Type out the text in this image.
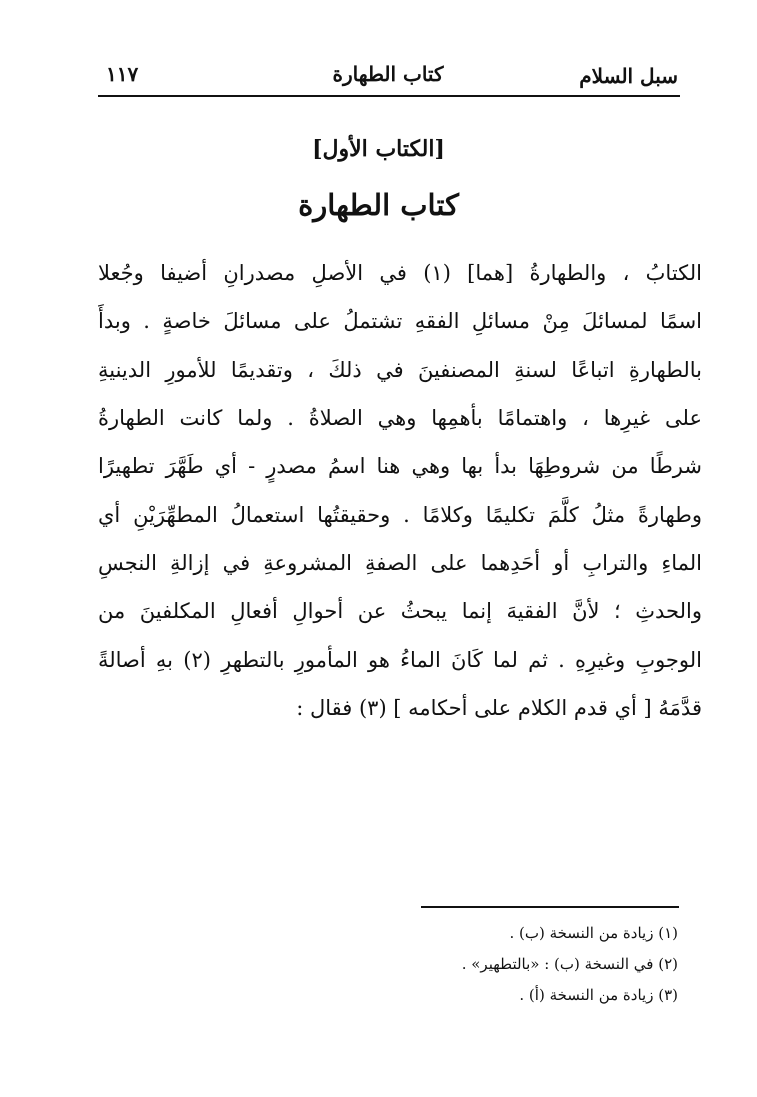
سبل السلام
كتاب الطهارة
١١٧
[الكتاب الأول]
كتاب الطهارة
الكتابُ ، والطهارةُ [هما] (١) في الأصلِ مصدرانِ أضيفا وجُعلا
اسمًا لمسائلَ مِنْ مسائلِ الفقهِ تشتملُ على مسائلَ خاصةٍ . وبدأَ
بالطهارةِ اتباعًا لسنةِ المصنفينَ في ذلكَ ، وتقديمًا للأمورِ الدينيةِ
على غيرِها ، واهتمامًا بأهمِها وهي الصلاةُ . ولما كانت الطهارةُ
شرطًا من شروطِهَا بدأ بها وهي هنا اسمُ مصدرٍ - أي طَهَّرَ تطهيرًا
وطهارةً مثلُ كلَّمَ تكليمًا وكلامًا . وحقيقتُها استعمالُ المطهِّرَيْنِ أي
الماءِ والترابِ أو أحَدِهما على الصفةِ المشروعةِ في إزالةِ النجسِ
والحدثِ ؛ لأنَّ الفقيهَ إنما يبحثُ عن أحوالِ أفعالِ المكلفينَ من
الوجوبِ وغيرِهِ . ثم لما كَانَ الماءُ هو المأمورِ بالتطهرِ (٢) بهِ أصالةً
قدَّمَهُ [ أي قدم الكلام على أحكامه ] (٣) فقال :
(١) زيادة من النسخة (ب) .
(٢) في النسخة (ب) : «بالتطهير» .
(٣) زيادة من النسخة (أ) .
